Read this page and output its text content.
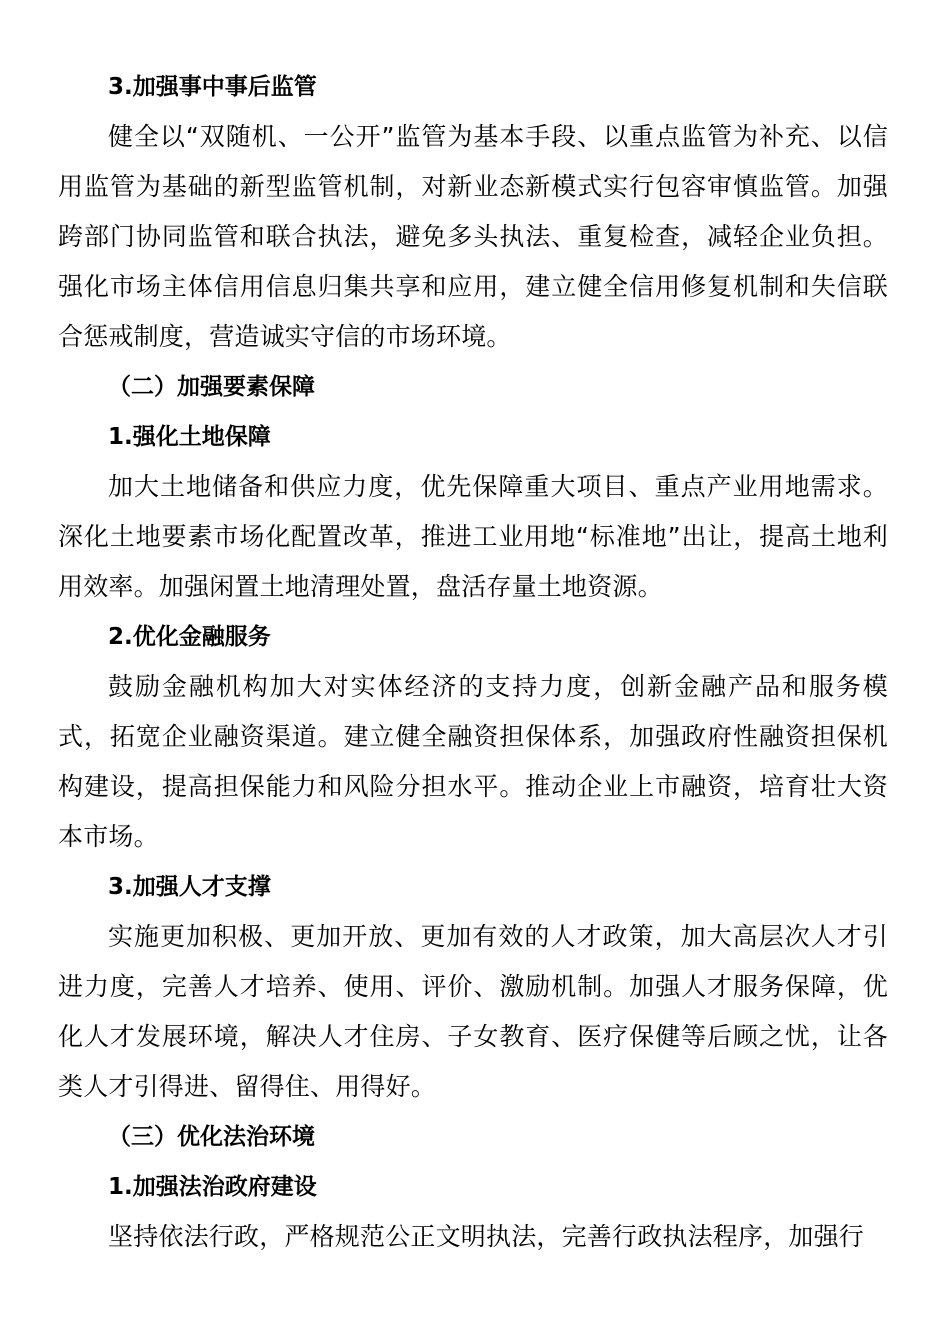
3.加强事中事后监管
健全以“双随机、一公开”监管为基本手段、以重点监管为补充、以信用监管为基础的新型监管机制，对新业态新模式实行包容审慎监管。加强跨部门协同监管和联合执法，避免多头执法、重复检查，减轻企业负担。强化市场主体信用信息归集共享和应用，建立健全信用修复机制和失信联合惩戒制度，营造诚实守信的市场环境。
（二）加强要素保障
1.强化土地保障
加大土地储备和供应力度，优先保障重大项目、重点产业用地需求。深化土地要素市场化配置改革，推进工业用地“标准地”出让，提高土地利用效率。加强闲置土地清理处置，盘活存量土地资源。
2.优化金融服务
鼓励金融机构加大对实体经济的支持力度，创新金融产品和服务模式，拓宽企业融资渠道。建立健全融资担保体系，加强政府性融资担保机构建设，提高担保能力和风险分担水平。推动企业上市融资，培育壮大资本市场。
3.加强人才支撑
实施更加积极、更加开放、更加有效的人才政策，加大高层次人才引进力度，完善人才培养、使用、评价、激励机制。加强人才服务保障，优化人才发展环境，解决人才住房、子女教育、医疗保健等后顾之忧，让各类人才引得进、留得住、用得好。
（三）优化法治环境
1.加强法治政府建设
坚持依法行政，严格规范公正文明执法，完善行政执法程序，加强行
